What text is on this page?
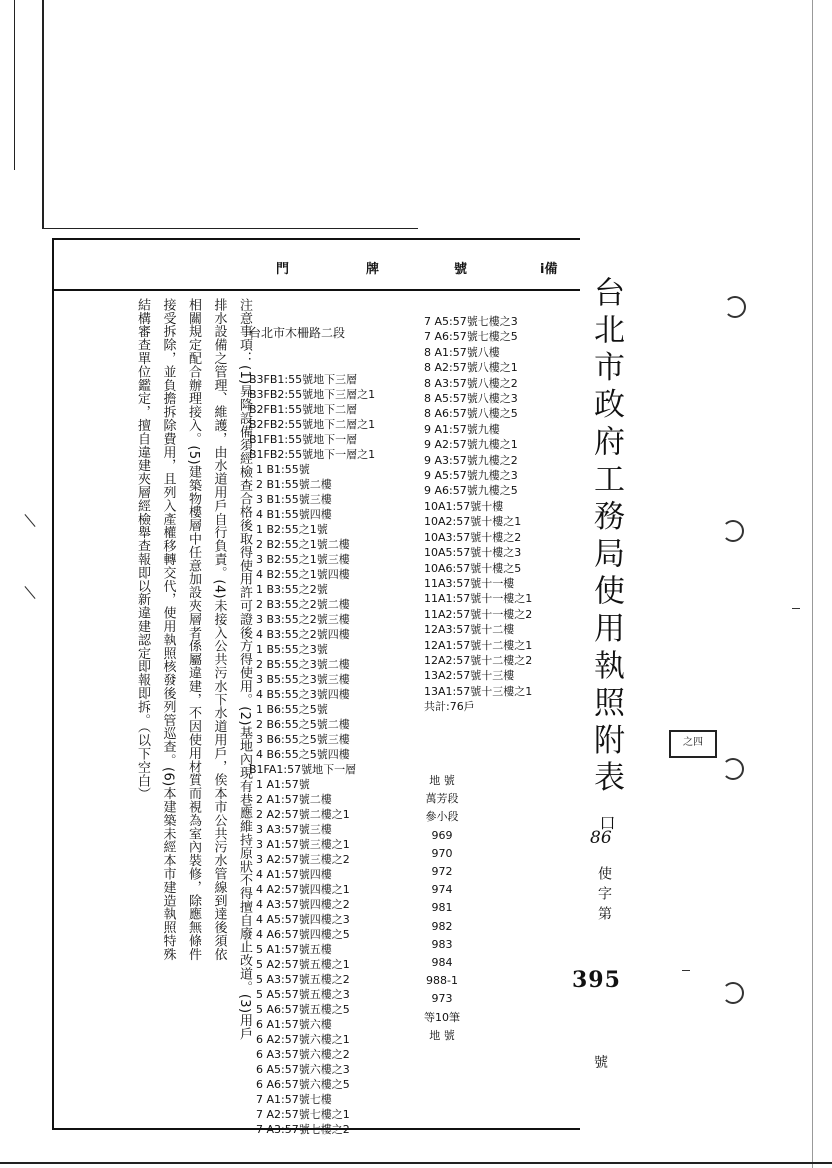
門	牌	號	i備

台北市木柵路二段

B3FB1:55號地下三層
B3FB2:55號地下三層之1
B2FB1:55號地下二層
B2FB2:55號地下二層之1
B1FB1:55號地下一層
B1FB2:55號地下一層之1
1 B1:55號
2 B1:55號二樓
3 B1:55號三樓
4 B1:55號四樓
1 B2:55之1號
2 B2:55之1號二樓
3 B2:55之1號三樓
4 B2:55之1號四樓
1 B3:55之2號
2 B3:55之2號二樓
3 B3:55之2號三樓
4 B3:55之2號四樓
1 B5:55之3號
2 B5:55之3號二樓
3 B5:55之3號三樓
4 B5:55之3號四樓
1 B6:55之5號
2 B6:55之5號二樓
3 B6:55之5號三樓
4 B6:55之5號四樓
B1FA1:57號地下一層
1 A1:57號
2 A1:57號二樓
2 A2:57號二樓之1
3 A3:57號三樓
3 A1:57號三樓之1
3 A2:57號三樓之2
4 A1:57號四樓
4 A2:57號四樓之1
4 A3:57號四樓之2
4 A5:57號四樓之3
4 A6:57號四樓之5
5 A1:57號五樓
5 A2:57號五樓之1
5 A3:57號五樓之2
5 A5:57號五樓之3
5 A6:57號五樓之5
6 A1:57號六樓
6 A2:57號六樓之1
6 A3:57號六樓之2
6 A5:57號六樓之3
6 A6:57號六樓之5
7 A1:57號七樓
7 A2:57號七樓之1
7 A3:57號七樓之2

7 A5:57號七樓之3
7 A6:57號七樓之5
8 A1:57號八樓
8 A2:57號八樓之1
8 A3:57號八樓之2
8 A5:57號八樓之3
8 A6:57號八樓之5
9 A1:57號九樓
9 A2:57號九樓之1
9 A3:57號九樓之2
9 A5:57號九樓之3
9 A6:57號九樓之5
10A1:57號十樓
10A2:57號十樓之1
10A3:57號十樓之2
10A5:57號十樓之3
10A6:57號十樓之5
11A3:57號十一樓
11A1:57號十一樓之1
11A2:57號十一樓之2
12A3:57號十二樓
12A1:57號十二樓之1
12A2:57號十二樓之2
13A2:57號十三樓
13A1:57號十三樓之1
共計:76戶
地 號
萬芳段
參小段
969
970
972
974
981
982
983
984
988-1
973
等10筆
地 號
注意事項：(1)昇降設備須經檢查合格後取得使用許可證後方得使用。(2)基地內現有巷應維持原狀不得擅自廢止改道。(3)用戶
排水設備之管理、維護，由水道用戶自行負責。(4)未接入公共污水下水道用戶，俟本市公共污水管線到達後須依
相關規定配合辦理接入。(5)建築物樓層中任意加設夾層者係屬違建，不因使用材質而視為室內裝修，除應無條件
接受拆除，並負擔拆除費用，且列入產權移轉交代，使用執照核發後列管巡查。(6)本建築未經本市建造執照特殊
結構審查單位鑑定，擅自違建夾層經檢舉查報即以新違建認定即報即拆。（以下空白）	台北市政府工務局使用執照附表 口
86
使字第
395
號
之四
